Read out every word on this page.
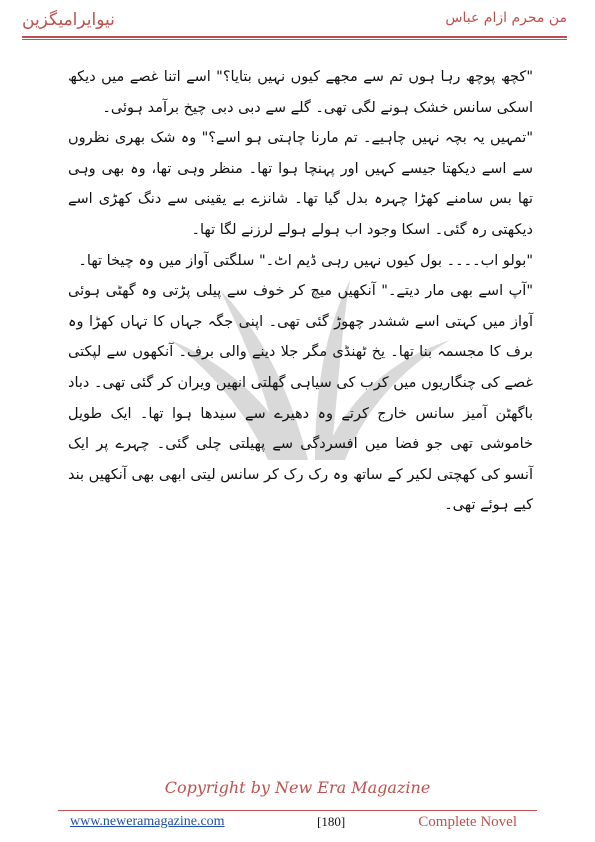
نیوایرامیگزین	من محرم ازام عباس

"کچھ پوچھ رہا ہوں تم سے مجھے کیوں نہیں بتایا؟" اسے اتنا غصے میں دیکھ اسکی سانس خشک ہونے لگی تھی۔ گلے سے دبی دبی چیخ برآمد ہوئی۔

"تمہیں یہ بچہ نہیں چاہیے۔ تم مارنا چاہتی ہو اسے؟" وہ شک بھری نظروں سے اسے دیکھتا جیسے کہیں اور پہنچا ہوا تھا۔ منظر وہی تھا، وہ بھی وہی تھا بس سامنے کھڑا چہرہ بدل گیا تھا۔ شانزے بے یقینی سے دنگ کھڑی اسے دیکھتی رہ گئی۔ اسکا وجود اب ہولے ہولے لرزنے لگا تھا۔

"بولو اب۔۔۔۔ بول کیوں نہیں رہی ڈیم اٹ۔" سلگتی آواز میں وہ چیخا تھا۔

"آپ اسے بھی مار دیتے۔" آنکھیں میچ کر خوف سے پیلی پڑتی وہ گھٹی ہوئی آواز میں کہتی اسے ششدر چھوڑ گئی تھی۔ اپنی جگہ جہاں کا تہاں کھڑا وہ برف کا مجسمہ بنا تھا۔ یخ ٹھنڈی مگر جلا دینے والی برف۔ آنکھوں سے لپکتی غصے کی چنگاریوں میں کرب کی سیاہی گھلتی انھیں ویران کر گئی تھی۔ دباد باگھٹن آمیز سانس خارج کرتے وہ دھیرے سے سیدھا ہوا تھا۔ ایک طویل خاموشی تھی جو فضا میں افسردگی سے پھیلتی چلی گئی۔ چہرے پر ایک آنسو کی کھچتی لکیر کے ساتھ وہ رک رک کر سانس لیتی ابھی بھی آنکھیں بند کیے ہوئے تھی۔

Copyright by New Era Magazine
www.neweramagazine.com	[180]	Complete Novel
